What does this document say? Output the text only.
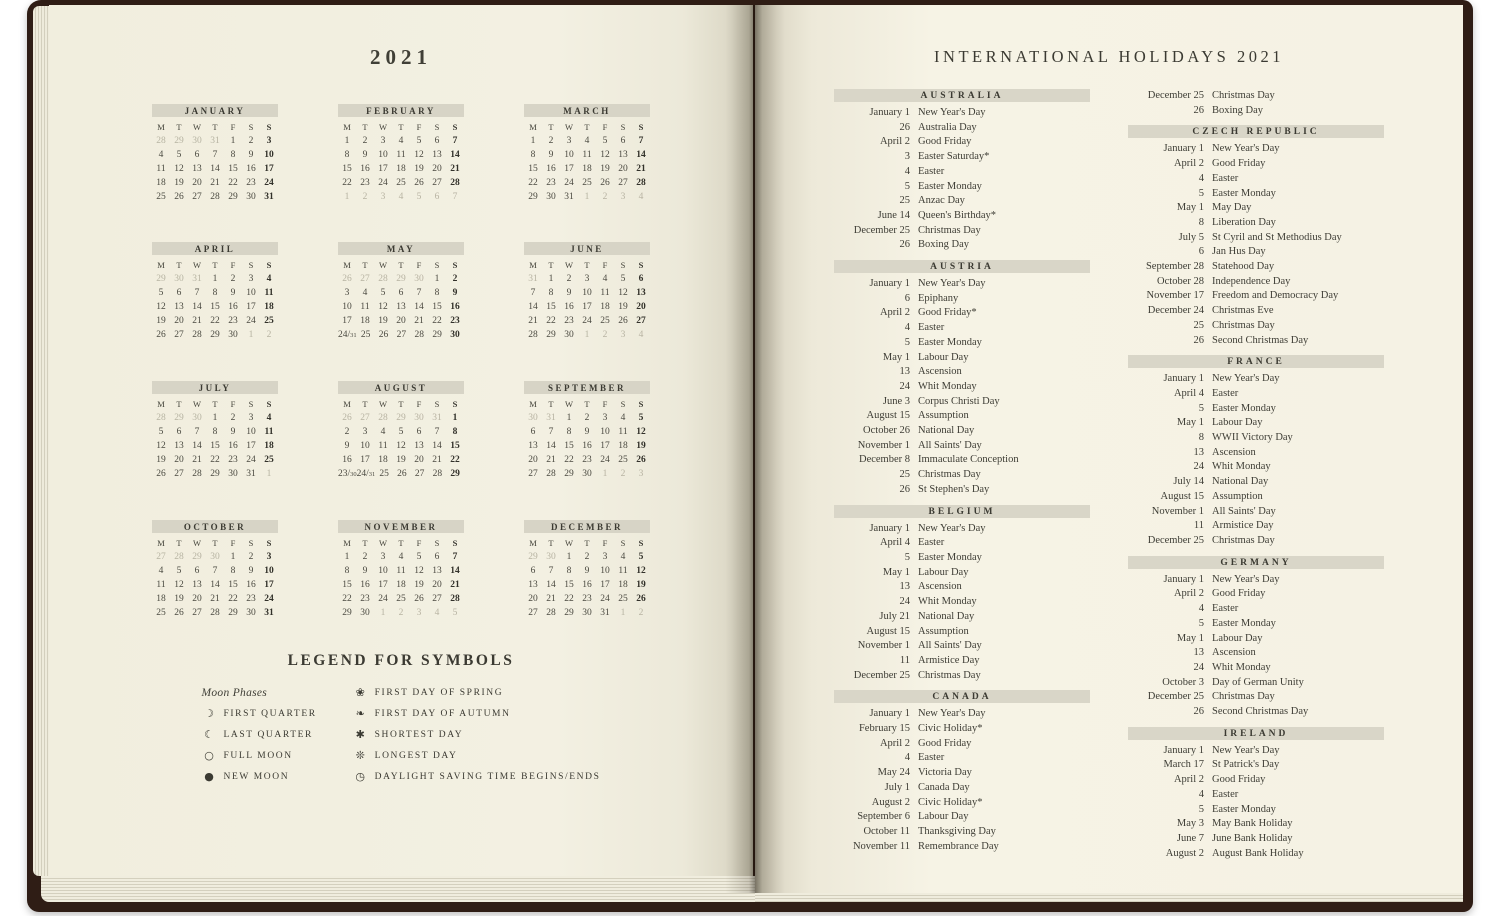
2021
JANUARY
M	T	W	T	F	S	S
28 29 30 31	1	2	3
4	5	6	7	8	9	10
11 12 13 14 15 16 17
18 19 20 21 22 23 24
25 26 27 28 29 30 31
FEBRUARY
M	T	W	T	F	S	S
1	2	3	4	5	6	7
8	9	10 11 12 13 14
15 16 17 18 19 20 21
22 23 24 25 26 27 28
1	2	3	4	5	6	7
MARCH
M	T	W	T	F	S	S
1	2	3	4	5	6	7
8	9	10 11 12 13 14
15 16 17 18 19 20 21
22 23 24 25 26 27 28
29 30 31	1	2	3	4
APRIL
M	T	W	T	F	S	S
29 30 31	1	2	3	4
5	6	7	8	9	10 11
12 13 14 15 16 17 18
19 20 21 22 23 24 25
26 27 28 29 30	1	2
MAY
M	T	W	T	F	S	S
26 27 28 29 30	1	2
3	4	5	6	7	8	9
10 11 12 13 14 15 16
17 18 19 20 21 22 23
24/31 25 26 27 28 29 30
JUNE
M	T	W	T	F	S	S
31	1	2	3	4	5	6
7	8	9	10 11 12 13
14 15 16 17 18 19 20
21 22 23 24 25 26 27
28 29 30	1	2	3	4
JULY
M	T	W	T	F	S	S
28 29 30	1	2	3	4
5	6	7	8	9	10 11
12 13 14 15 16 17 18
19 20 21 22 23 24 25
26 27 28 29 30 31	1
AUGUST
M	T	W	T	F	S	S
26 27 28 29 30 31	1
2	3	4	5	6	7	8
9	10 11 12 13 14 15
16 17 18 19 20 21 22
23/30 24/31 25 26 27 28 29
SEPTEMBER
M	T	W	T	F	S	S
30 31	1	2	3	4	5
6	7	8	9	10 11 12
13 14 15 16 17 18 19
20 21 22 23 24 25 26
27 28 29 30	1	2	3
OCTOBER
M	T	W	T	F	S	S
27 28 29 30	1	2	3
4	5	6	7	8	9	10
11 12 13 14 15 16 17
18 19 20 21 22 23 24
25 26 27 28 29 30 31
NOVEMBER
M	T	W	T	F	S	S
1	2	3	4	5	6	7
8	9	10 11 12 13 14
15 16 17 18 19 20 21
22 23 24 25 26 27 28
29 30	1	2	3	4	5
DECEMBER
M	T	W	T	F	S	S
29 30	1	2	3	4	5
6	7	8	9	10 11 12
13 14 15 16 17 18 19
20 21 22 23 24 25 26
27 28 29 30 31	1	2
LEGEND FOR SYMBOLS
Moon Phases
☽ FIRST QUARTER
☾ LAST QUARTER
○ FULL MOON
● NEW MOON
❀	FIRST DAY OF SPRING
❧	FIRST DAY OF AUTUMN
✱	SHORTEST DAY
❊	LONGEST DAY
◷ DAYLIGHT SAVING TIME BEGINS/ENDS
INTERNATIONAL HOLIDAYS 2021
AUSTRALIA
January 1 New Year's Day
26 Australia Day
April 2 Good Friday
3 Easter Saturday*
4 Easter
5 Easter Monday
25 Anzac Day
June 14 Queen's Birthday*
December 25 Christmas Day
26 Boxing Day
AUSTRIA
January 1 New Year's Day
6 Epiphany
April 2 Good Friday*
4 Easter
5 Easter Monday
May 1 Labour Day
13 Ascension
24 Whit Monday
June 3 Corpus Christi Day
August 15 Assumption
October 26 National Day
November 1 All Saints' Day
December 8 Immaculate Conception
25 Christmas Day
26 St Stephen's Day
BELGIUM
January 1 New Year's Day
April 4 Easter
5 Easter Monday
May 1 Labour Day
13 Ascension
24 Whit Monday
July 21 National Day
August 15 Assumption
November 1 All Saints' Day
11 Armistice Day
December 25 Christmas Day
CANADA
January 1 New Year's Day
February 15 Civic Holiday*
April 2 Good Friday
4 Easter
May 24 Victoria Day
July 1 Canada Day
August 2 Civic Holiday*
September 6 Labour Day
October 11 Thanksgiving Day
November 11 Remembrance Day
December 25 Christmas Day
26 Boxing Day
CZECH REPUBLIC
January 1 New Year's Day
April 2 Good Friday
4 Easter
5 Easter Monday
May 1 May Day
8 Liberation Day
July 5 St Cyril and St Methodius Day
6 Jan Hus Day
September 28 Statehood Day
October 28 Independence Day
November 17 Freedom and Democracy Day
December 24 Christmas Eve
25 Christmas Day
26 Second Christmas Day
FRANCE
January 1 New Year's Day
April 4 Easter
5 Easter Monday
May 1 Labour Day
8 WWII Victory Day
13 Ascension
24 Whit Monday
July 14 National Day
August 15 Assumption
November 1 All Saints' Day
11 Armistice Day
December 25 Christmas Day
GERMANY
January 1 New Year's Day
April 2 Good Friday
4 Easter
5 Easter Monday
May 1 Labour Day
13 Ascension
24 Whit Monday
October 3 Day of German Unity
December 25 Christmas Day
26 Second Christmas Day
IRELAND
January 1 New Year's Day
March 17 St Patrick's Day
April 2 Good Friday
4 Easter
5 Easter Monday
May 3 May Bank Holiday
June 7 June Bank Holiday
August 2 August Bank Holiday
